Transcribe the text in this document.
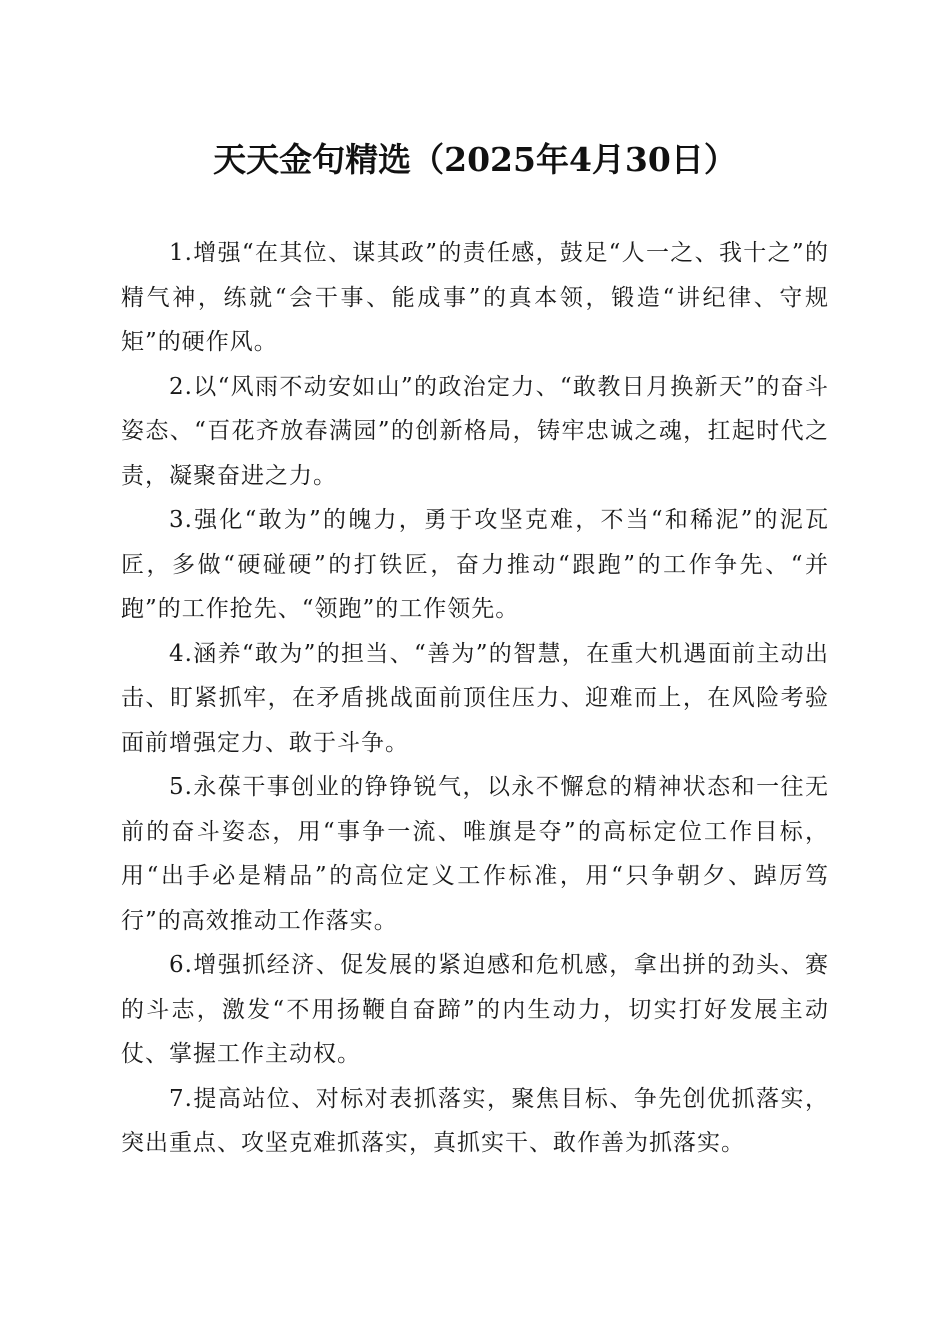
天天金句精选（2025年4月30日）

1.增强“在其位、谋其政”的责任感，鼓足“人一之、我十之”的精气神，练就“会干事、能成事”的真本领，锻造“讲纪律、守规矩”的硬作风。

2.以“风雨不动安如山”的政治定力、“敢教日月换新天”的奋斗姿态、“百花齐放春满园”的创新格局，铸牢忠诚之魂，扛起时代之责，凝聚奋进之力。

3.强化“敢为”的魄力，勇于攻坚克难，不当“和稀泥”的泥瓦匠，多做“硬碰硬”的打铁匠，奋力推动“跟跑”的工作争先、“并跑”的工作抢先、“领跑”的工作领先。

4.涵养“敢为”的担当、“善为”的智慧，在重大机遇面前主动出击、盯紧抓牢，在矛盾挑战面前顶住压力、迎难而上，在风险考验面前增强定力、敢于斗争。

5.永葆干事创业的铮铮锐气，以永不懈怠的精神状态和一往无前的奋斗姿态，用“事争一流、唯旗是夺”的高标定位工作目标，用“出手必是精品”的高位定义工作标准，用“只争朝夕、踔厉笃行”的高效推动工作落实。

6.增强抓经济、促发展的紧迫感和危机感，拿出拼的劲头、赛的斗志，激发“不用扬鞭自奋蹄”的内生动力，切实打好发展主动仗、掌握工作主动权。

7.提高站位、对标对表抓落实，聚焦目标、争先创优抓落实，突出重点、攻坚克难抓落实，真抓实干、敢作善为抓落实。
